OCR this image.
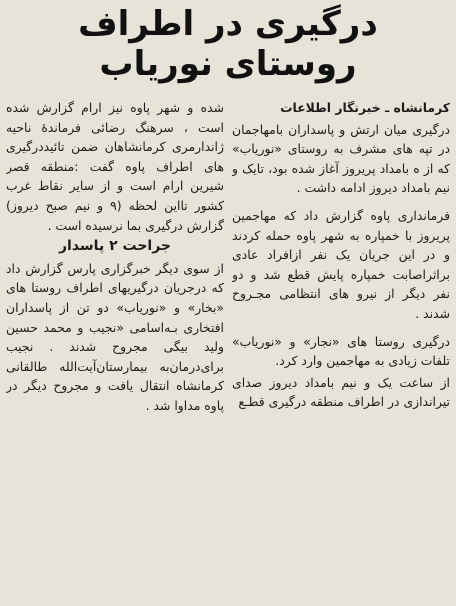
درگیری در اطراف
روستای نوریاب

کرمانشاه ـ خبرنگار اطلاعات

درگیری میان ارتش و پاسداران بامهاجمان در تپه های مشرف به روستای «نوریاب» که از ه بامداد پریروز آغاز شده بود، تایک و نیم بامداد دیروز ادامه داشت .

فرمانداری پاوه گزارش داد که مهاجمین پریروز با خمپاره به شهر پاوه حمله کردند و در این جریان یک نفر ازافراد عادی براثراصابت خمپاره پایش قطع شد و دو نفر دیگر از نیرو های انتظامی مجـروح شدند .

درگیری روستا های «نجار» و «نوریاب» تلفات زیادی به مهاجمین وارد کرد.

از ساعت یک و نیم بامداد دیروز صدای تیراندازی در اطراف منطقه درگیری قطـع

شده و شهر پاوه نیز ارام گزارش شده است ، سرهنگ رضائی فرماندهٔ ناحیه ژاندارمری کرمانشاهان ضمن تائیددرگیری های اطراف پاوه گفت :منطقه قصر شیرین ارام است و از سایر نقاط غرب کشور تااین لحظه (۹ و نیم صبح دیروز) گزارش درگیری بما نرسیده است .

جراحت ۲ پاسدار

از سوی دیگر خبرگزاری پارس گزارش داد که درجریان درگیریهای اطراف روستا های «بخار» و «نوریاب» دو تن از پاسداران افتخاری بـه‌اسامی «نجیب و محمد حسین ولید بیگی مجروح شدند . نجیب برای‌درمان‌به بیمارستان‌آیت‌الله طالقانی کرمانشاه انتقال یافت و مجروح دیگر در پاوه مداوا شد .
